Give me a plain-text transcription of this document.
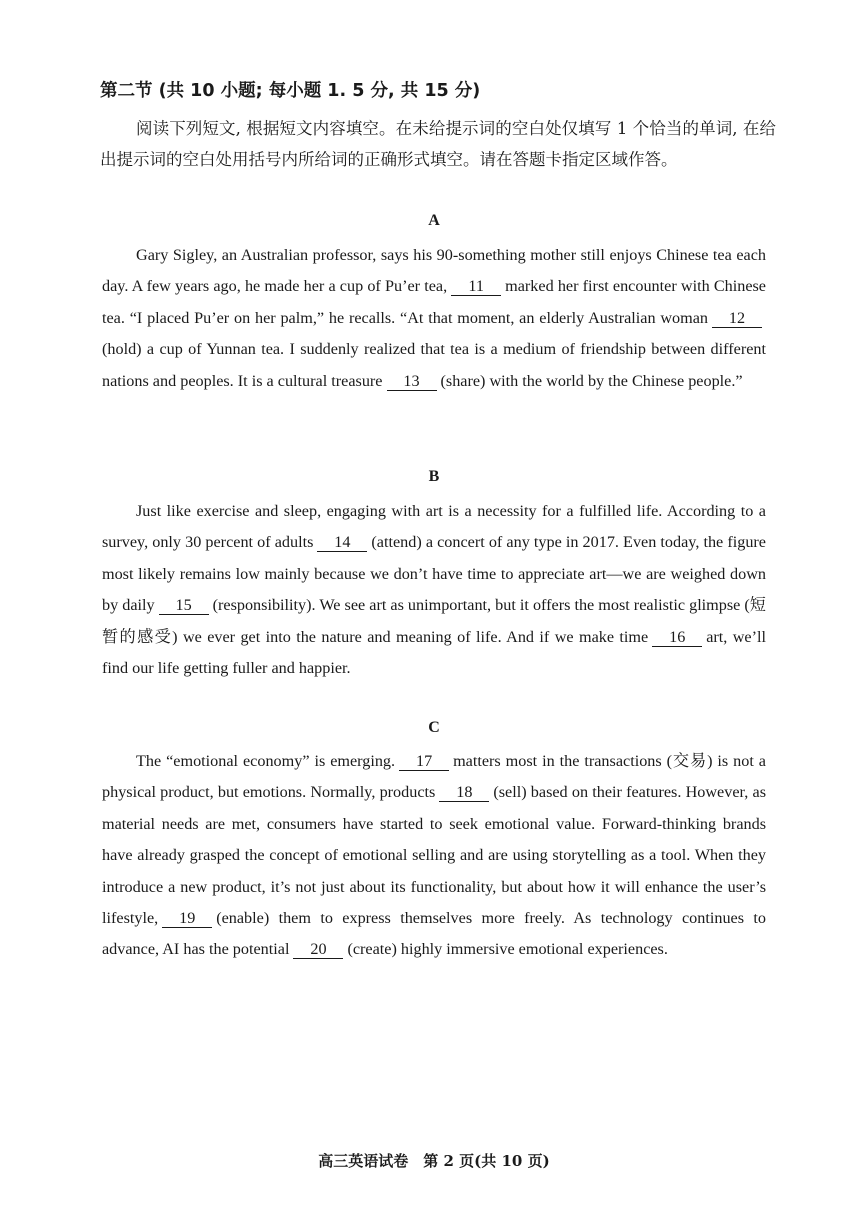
第二节 (共 10 小题; 每小题 1. 5 分, 共 15 分)
阅读下列短文, 根据短文内容填空。在未给提示词的空白处仅填写 1 个恰当的单词, 在给出提示词的空白处用括号内所给词的正确形式填空。请在答题卡指定区域作答。
A

Gary Sigley, an Australian professor, says his 90-something mother still enjoys Chinese tea each day. A few years ago, he made her a cup of Pu’er tea, 11 marked her first encounter with Chinese tea. “I placed Pu’er on her palm,” he recalls. “At that moment, an elderly Australian woman 12(hold) a cup of Yunnan tea. I suddenly realized that tea is a medium of friendship between different nations and peoples. It is a cultural treasure 13 (share) with the world by the Chinese people.”

B

Just like exercise and sleep, engaging with art is a necessity for a fulfilled life. According to a survey, only 30 percent of adults 14 (attend) a concert of any type in 2017. Even today, the figure most likely remains low mainly because we don’t have time to appreciate art—we are weighed down by daily 15 (responsibility). We see art as unimportant, but it offers the most realistic glimpse (短暂的感受) we ever get into the nature and meaning of life. And if we make time 16 art, we’ll find our life getting fuller and happier.

C

The “emotional economy” is emerging. 17 matters most in the transactions (交易) is not a physical product, but emotions. Normally, products 18 (sell) based on their features. However, as material needs are met, consumers have started to seek emotional value. Forward-thinking brands have already grasped the concept of emotional selling and are using storytelling as a tool. When they introduce a new product, it’s not just about its functionality, but about how it will enhance the user’s lifestyle, 19 (enable) them to express themselves more freely. As technology continues to advance, AI has the potential 20 (create) highly immersive emotional experiences.

高三英语试卷　第 2 页(共 10 页)
